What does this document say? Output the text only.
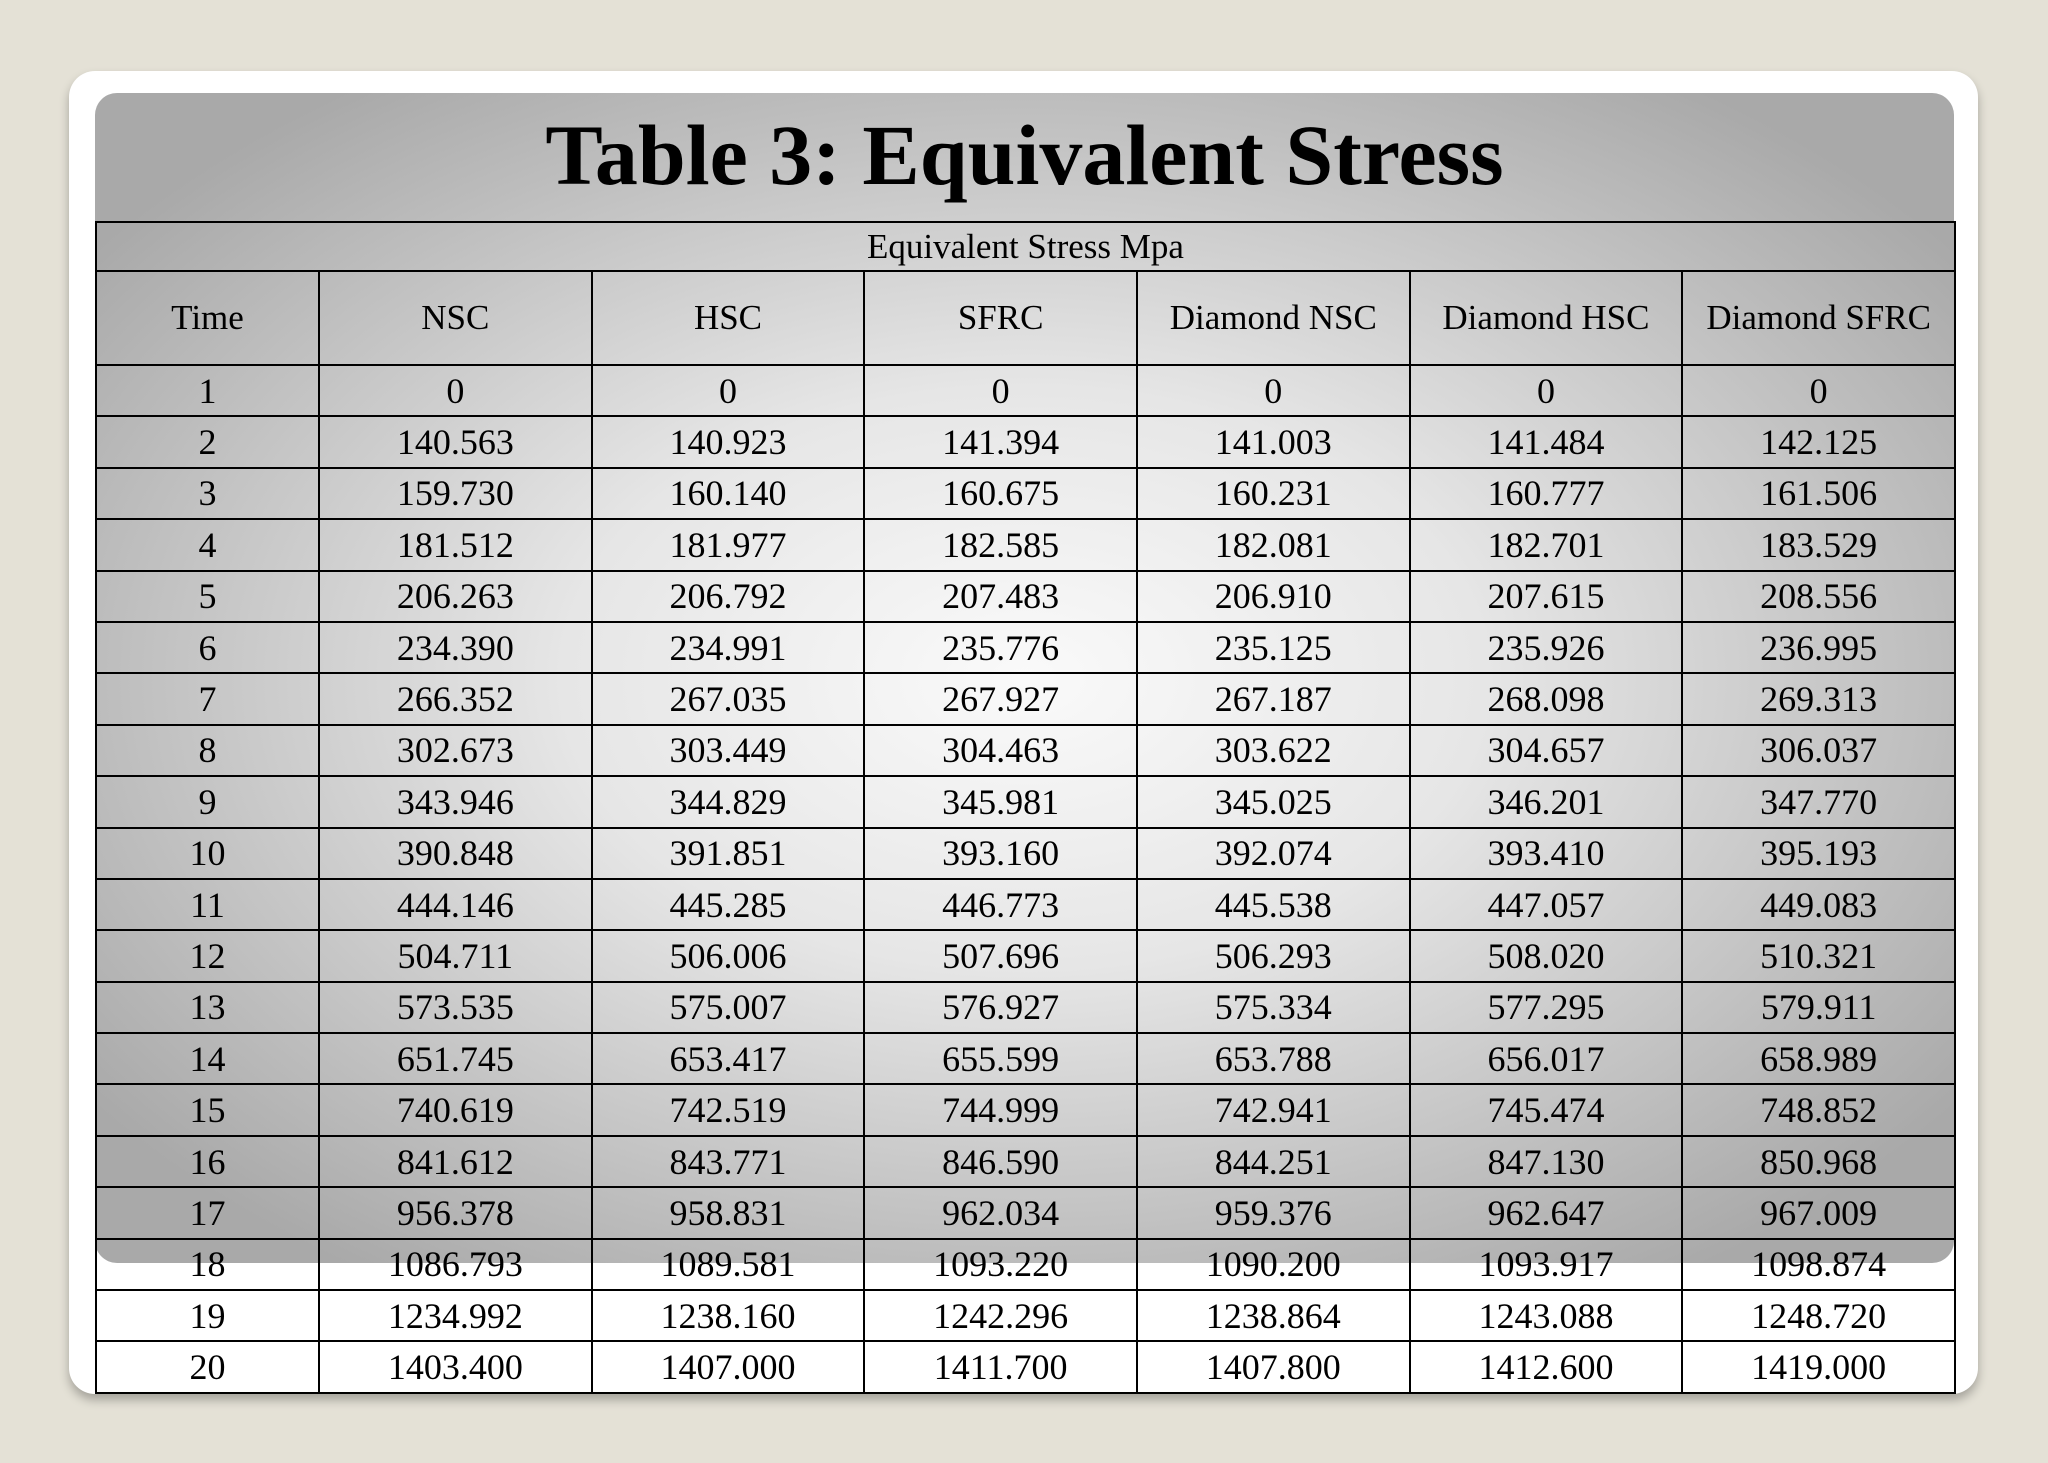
Table 3: Equivalent Stress
Equivalent Stress Mpa						
Time	NSC	HSC	SFRC	Diamond NSC	Diamond HSC	Diamond SFRC
1	0	0	0	0	0	0
2	140.563	140.923	141.394	141.003	141.484	142.125
3	159.730	160.140	160.675	160.231	160.777	161.506
4	181.512	181.977	182.585	182.081	182.701	183.529
5	206.263	206.792	207.483	206.910	207.615	208.556
6	234.390	234.991	235.776	235.125	235.926	236.995
7	266.352	267.035	267.927	267.187	268.098	269.313
8	302.673	303.449	304.463	303.622	304.657	306.037
9	343.946	344.829	345.981	345.025	346.201	347.770
10	390.848	391.851	393.160	392.074	393.410	395.193
11	444.146	445.285	446.773	445.538	447.057	449.083
12	504.711	506.006	507.696	506.293	508.020	510.321
13	573.535	575.007	576.927	575.334	577.295	579.911
14	651.745	653.417	655.599	653.788	656.017	658.989
15	740.619	742.519	744.999	742.941	745.474	748.852
16	841.612	843.771	846.590	844.251	847.130	850.968
17	956.378	958.831	962.034	959.376	962.647	967.009
18	1086.793	1089.581	1093.220	1090.200	1093.917	1098.874
19	1234.992	1238.160	1242.296	1238.864	1243.088	1248.720
20	1403.400	1407.000	1411.700	1407.800	1412.600	1419.000
